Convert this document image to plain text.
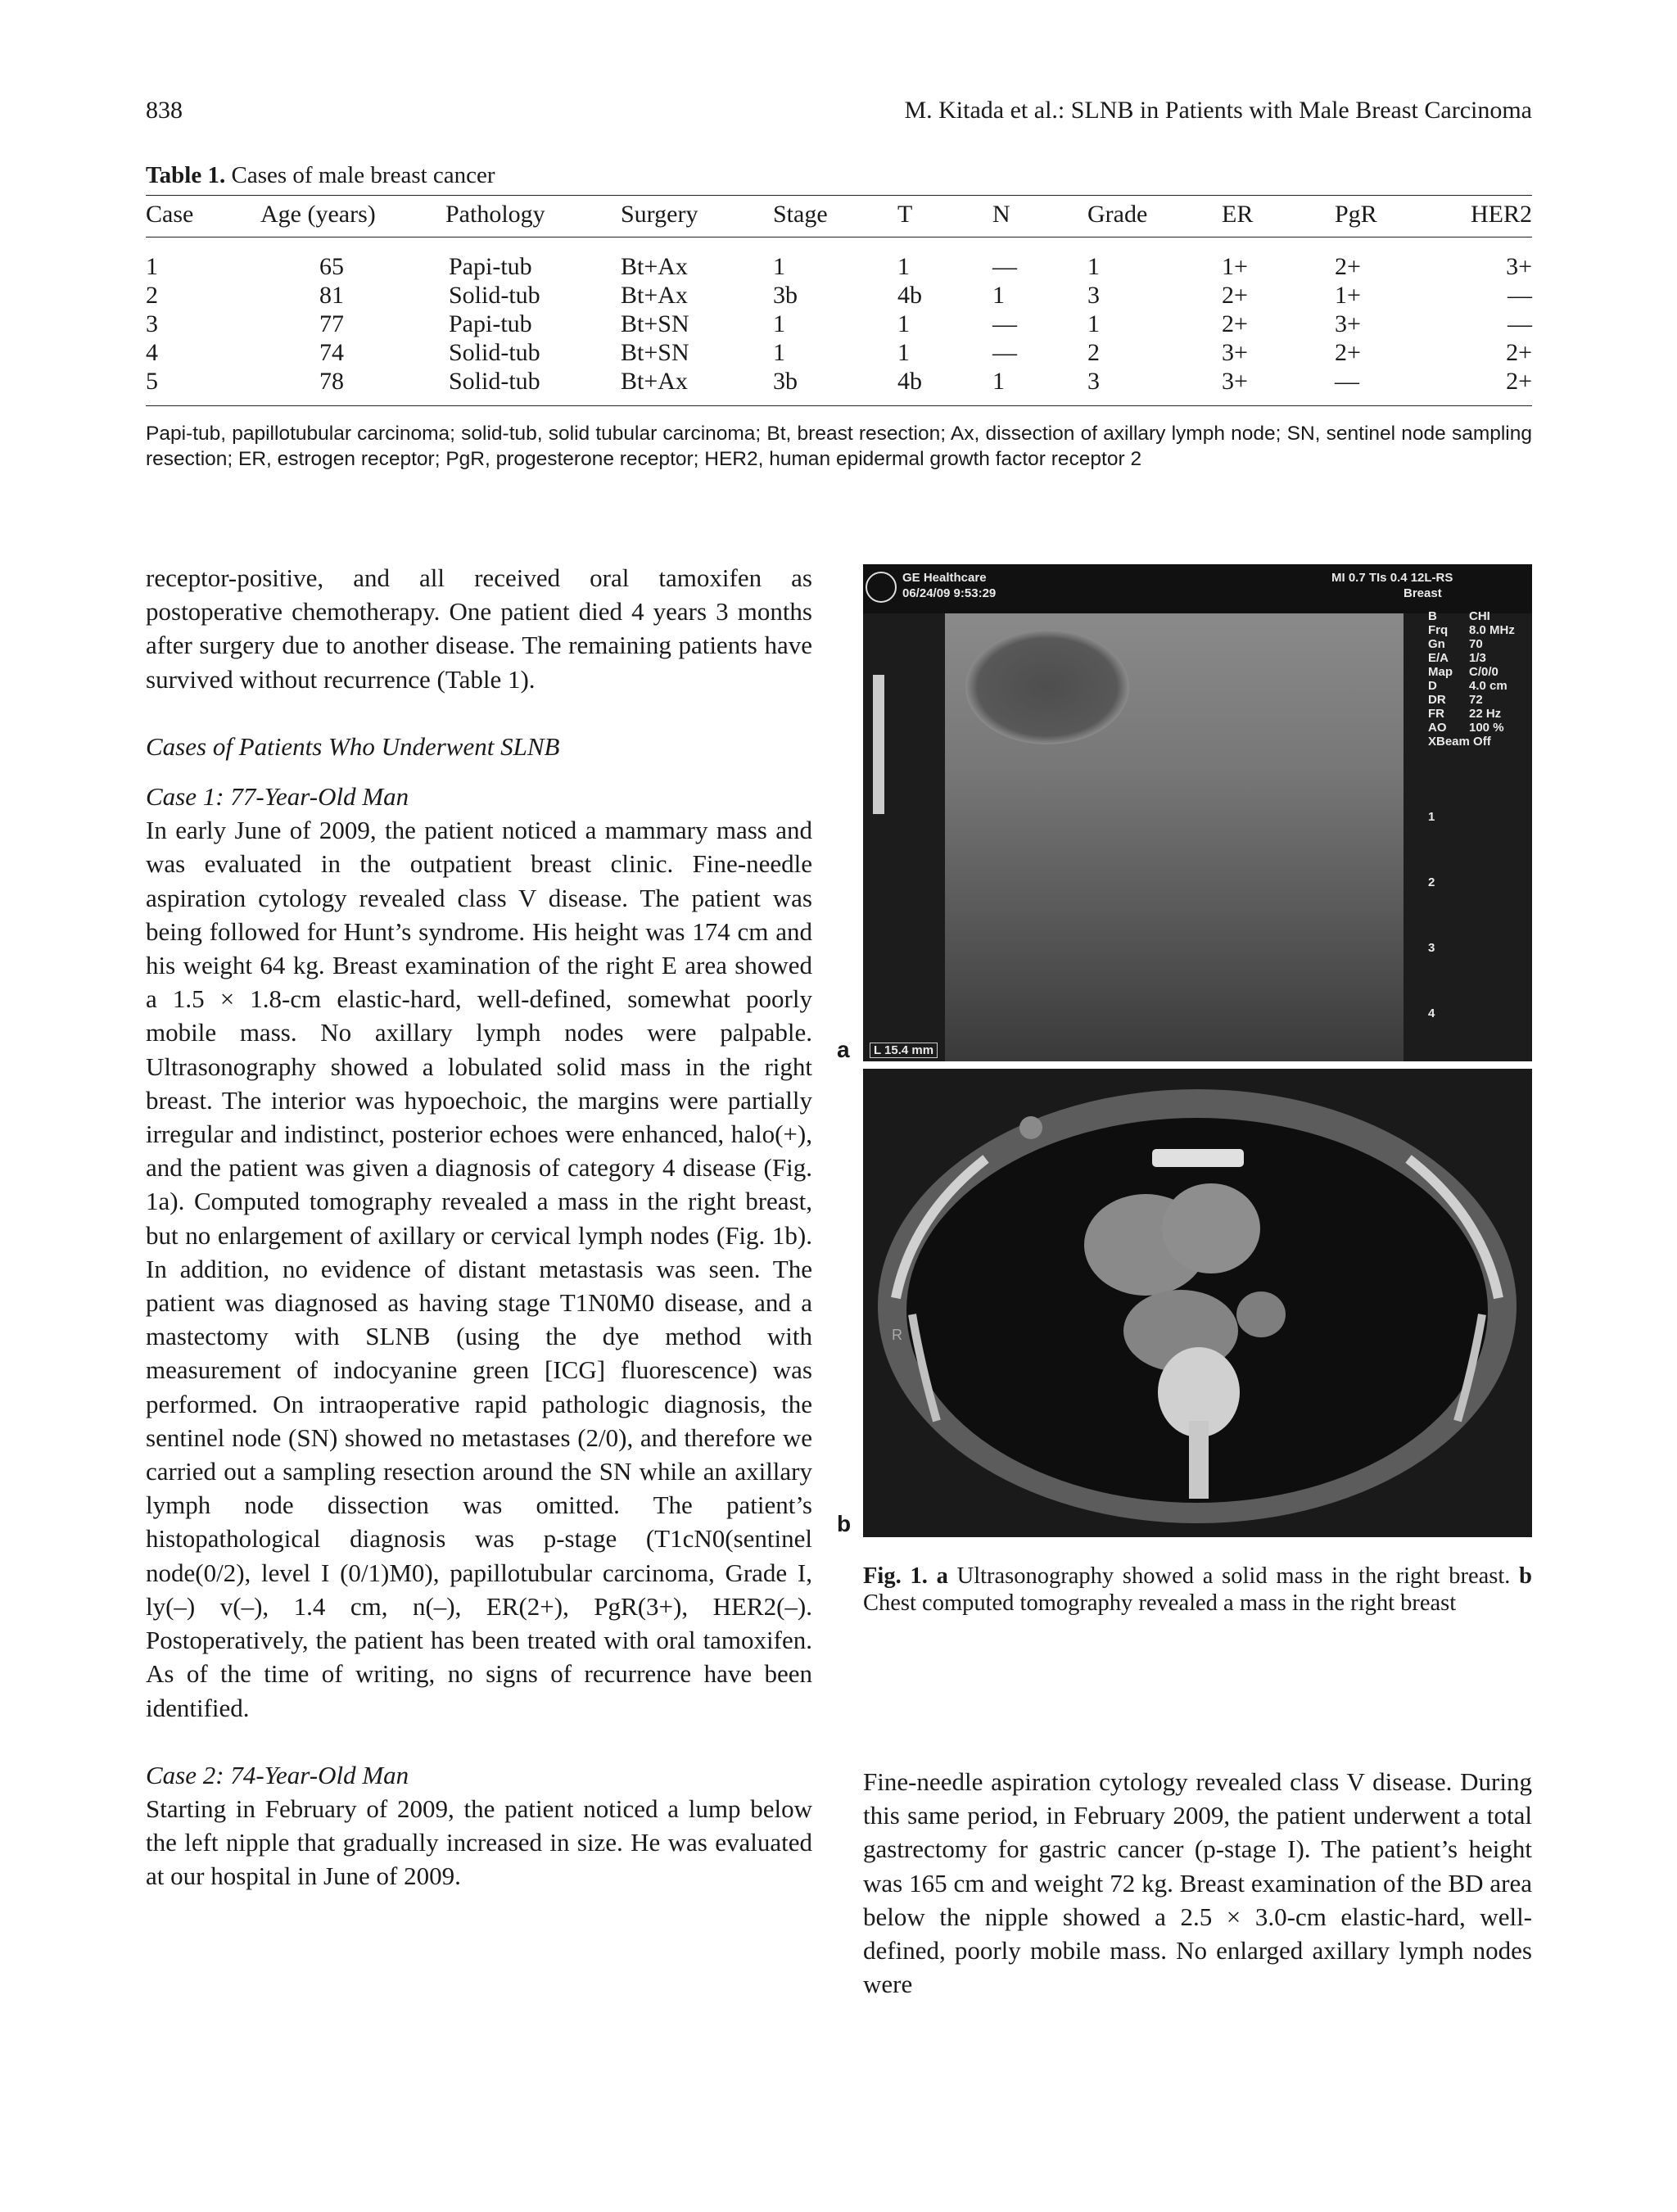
838	M. Kitada et al.: SLNB in Patients with Male Breast Carcinoma
Table 1. Cases of male breast cancer
Case	Age (years)	Pathology	Surgery	Stage	T	N	Grade	ER	PgR	HER2
1	65	Papi-tub	Bt+Ax	1	1	—	1	1+	2+	3+
2	81	Solid-tub	Bt+Ax	3b	4b	1	3	2+	1+	—
3	77	Papi-tub	Bt+SN	1	1	—	1	2+	3+	—
4	74	Solid-tub	Bt+SN	1	1	—	2	3+	2+	2+
5	78	Solid-tub	Bt+Ax	3b	4b	1	3	3+	—	2+
Papi-tub, papillotubular carcinoma; solid-tub, solid tubular carcinoma; Bt, breast resection; Ax, dissection of axillary lymph node; SN, sentinel node sampling resection; ER, estrogen receptor; PgR, progesterone receptor; HER2, human epidermal growth factor receptor 2

receptor-positive, and all received oral tamoxifen as postoperative chemotherapy. One patient died 4 years 3 months after surgery due to another disease. The remaining patients have survived without recurrence (Table 1).

Cases of Patients Who Underwent SLNB

Case 1: 77-Year-Old Man

In early June of 2009, the patient noticed a mammary mass and was evaluated in the outpatient breast clinic. Fine-needle aspiration cytology revealed class V disease. The patient was being followed for Hunt’s syndrome. His height was 174 cm and his weight 64 kg. Breast examination of the right E area showed a 1.5 × 1.8-cm elastic-hard, well-defined, somewhat poorly mobile mass. No axillary lymph nodes were palpable. Ultrasonography showed a lobulated solid mass in the right breast. The interior was hypoechoic, the margins were partially irregular and indistinct, posterior echoes were enhanced, halo(+), and the patient was given a diagnosis of category 4 disease (Fig. 1a). Computed tomography revealed a mass in the right breast, but no enlargement of axillary or cervical lymph nodes (Fig. 1b). In addition, no evidence of distant metastasis was seen. The patient was diagnosed as having stage T1N0M0 disease, and a mastectomy with SLNB (using the dye method with measurement of indocyanine green [ICG] fluorescence) was performed. On intraoperative rapid pathologic diagnosis, the sentinel node (SN) showed no metastases (2/0), and therefore we carried out a sampling resection around the SN while an axillary lymph node dissection was omitted. The patient’s histopathological diagnosis was p-stage (T1cN0(sentinel node(0/2), level I (0/1)M0), papillotubular carcinoma, Grade I, ly(–) v(–), 1.4 cm, n(–), ER(2+), PgR(3+), HER2(–). Postoperatively, the patient has been treated with oral tamoxifen. As of the time of writing, no signs of recurrence have been identified.

Case 2: 74-Year-Old Man

Starting in February of 2009, the patient noticed a lump below the left nipple that gradually increased in size. He was evaluated at our hospital in June of 2009.

GE Healthcare
06/24/09 9:53:29
MI 0.7 TIs 0.4 12L-RS
Breast
B
Frq
Gn
E/A
Map
D
DR
FR
AO
XBeam Off
CHI
8.0 MHz
70
1/3
C/0/0
4.0 cm
72
22 Hz
100 %
1
2
3
4
L 15.4 mm
a
R
b
Fig. 1. a Ultrasonography showed a solid mass in the right breast. b Chest computed tomography revealed a mass in the right breast

Fine-needle aspiration cytology revealed class V disease. During this same period, in February 2009, the patient underwent a total gastrectomy for gastric cancer (p-stage I). The patient’s height was 165 cm and weight 72 kg. Breast examination of the BD area below the nipple showed a 2.5 × 3.0-cm elastic-hard, well-defined, poorly mobile mass. No enlarged axillary lymph nodes were
